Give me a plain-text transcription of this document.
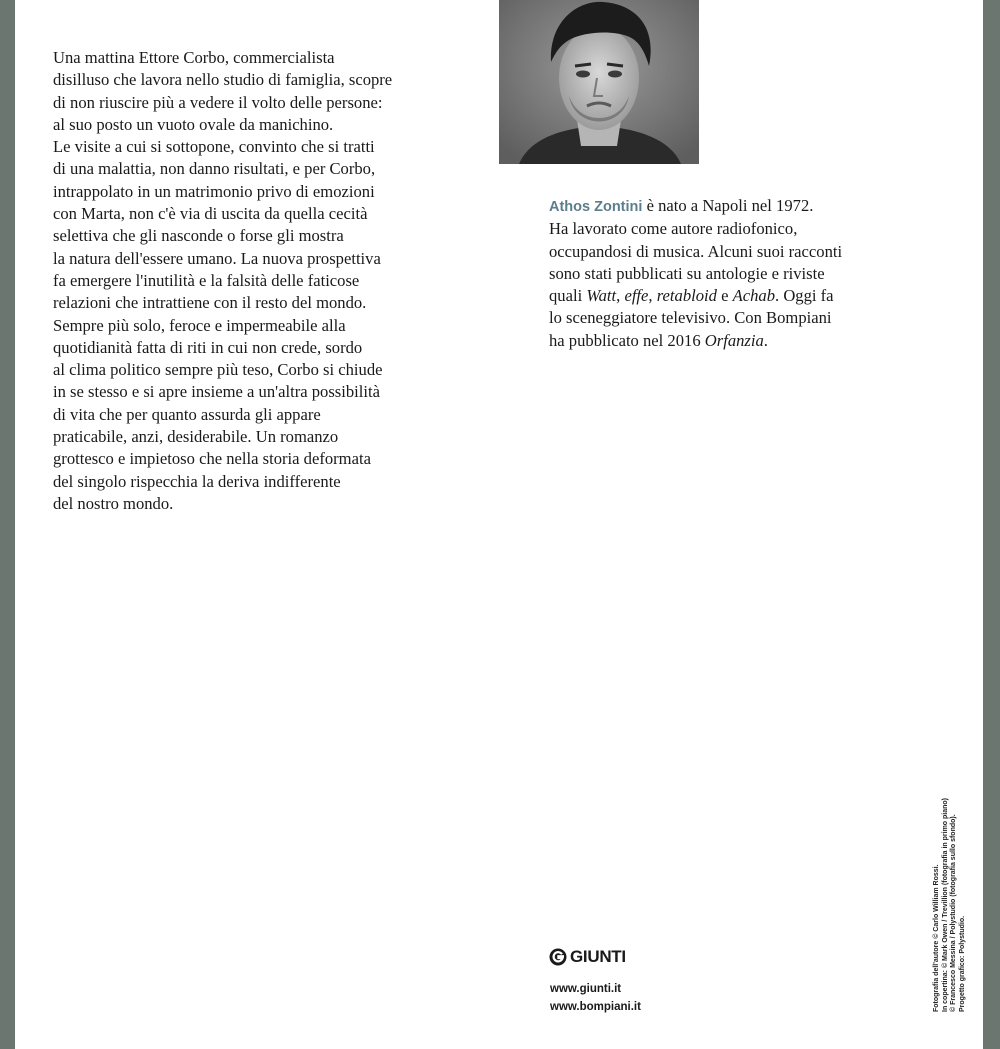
Una mattina Ettore Corbo, commercialista
disilluso che lavora nello studio di famiglia, scopre
di non riuscire più a vedere il volto delle persone:
al suo posto un vuoto ovale da manichino.
Le visite a cui si sottopone, convinto che si tratti
di una malattia, non danno risultati, e per Corbo,
intrappolato in un matrimonio privo di emozioni
con Marta, non c'è via di uscita da quella cecità
selettiva che gli nasconde o forse gli mostra
la natura dell'essere umano. La nuova prospettiva
fa emergere l'inutilità e la falsità delle faticose
relazioni che intrattiene con il resto del mondo.
Sempre più solo, feroce e impermeabile alla
quotidianità fatta di riti in cui non crede, sordo
al clima politico sempre più teso, Corbo si chiude
in se stesso e si apre insieme a un'altra possibilità
di vita che per quanto assurda gli appare
praticabile, anzi, desiderabile. Un romanzo
grottesco e impietoso che nella storia deformata
del singolo rispecchia la deriva indifferente
del nostro mondo.
Athos Zontini è nato a Napoli nel 1972.
Ha lavorato come autore radiofonico,
occupandosi di musica. Alcuni suoi racconti
sono stati pubblicati su antologie e riviste
quali Watt, effe, retabloid e Achab. Oggi fa
lo sceneggiatore televisivo. Con Bompiani
ha pubblicato nel 2016 Orfanzia.
GIUNTI
www.giunti.it
www.bompiani.it	Fotografia dell'autore © Carlo William Rossi. In copertina: © Mark Owen / Trevillion (fotografia in primo piano) © Francesco Messina / Polystudio (fotografia sullo sfondo). Progetto grafico: Polystudio.
